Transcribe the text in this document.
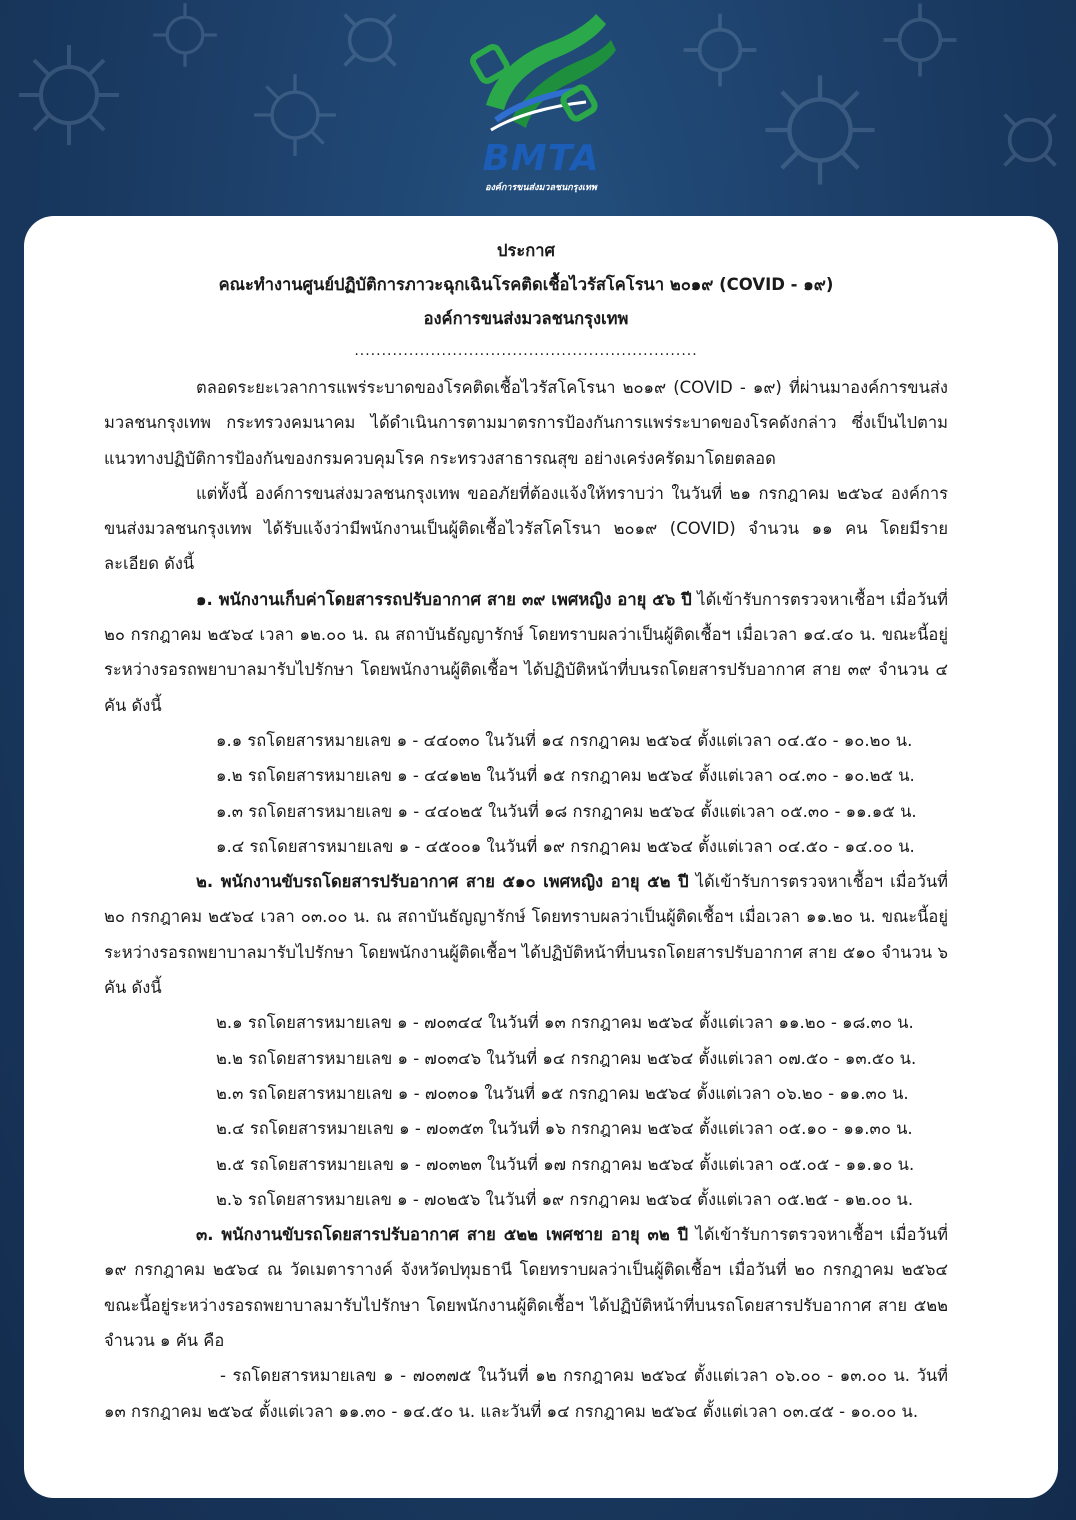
BMTA
องค์การขนส่งมวลชนกรุงเทพ
ประกาศ
คณะทำงานศูนย์ปฏิบัติการภาวะฉุกเฉินโรคติดเชื้อไวรัสโคโรนา ๒๐๑๙ (COVID - ๑๙)
องค์การขนส่งมวลชนกรุงเทพ
...............................................................
ตลอดระยะเวลาการแพร่ระบาดของโรคติดเชื้อไวรัสโคโรนา ๒๐๑๙ (COVID - ๑๙) ที่ผ่านมาองค์การขนส่งมวลชนกรุงเทพ กระทรวงคมนาคม ได้ดำเนินการตามมาตรการป้องกันการแพร่ระบาดของโรคดังกล่าว ซึ่งเป็นไปตามแนวทางปฏิบัติการป้องกันของกรมควบคุมโรค กระทรวงสาธารณสุข อย่างเคร่งครัดมาโดยตลอด
แต่ทั้งนี้ องค์การขนส่งมวลชนกรุงเทพ ขออภัยที่ต้องแจ้งให้ทราบว่า ในวันที่ ๒๑ กรกฎาคม ๒๕๖๔ องค์การขนส่งมวลชนกรุงเทพ ได้รับแจ้งว่ามีพนักงานเป็นผู้ติดเชื้อไวรัสโคโรนา ๒๐๑๙ (COVID) จำนวน ๑๑ คน โดยมีรายละเอียด ดังนี้
๑. พนักงานเก็บค่าโดยสารรถปรับอากาศ สาย ๓๙ เพศหญิง อายุ ๕๖ ปี ได้เข้ารับการตรวจหาเชื้อฯ เมื่อวันที่ ๒๐ กรกฎาคม ๒๕๖๔ เวลา ๑๒.๐๐ น. ณ สถาบันธัญญารักษ์ โดยทราบผลว่าเป็นผู้ติดเชื้อฯ เมื่อเวลา ๑๔.๔๐ น. ขณะนี้อยู่ระหว่างรอรถพยาบาลมารับไปรักษา โดยพนักงานผู้ติดเชื้อฯ ได้ปฏิบัติหน้าที่บนรถโดยสารปรับอากาศ สาย ๓๙ จำนวน ๔ คัน ดังนี้
๑.๑ รถโดยสารหมายเลข ๑ - ๔๔๐๓๐ ในวันที่ ๑๔ กรกฎาคม ๒๕๖๔ ตั้งแต่เวลา ๐๔.๕๐ - ๑๐.๒๐ น.
๑.๒ รถโดยสารหมายเลข ๑ - ๔๔๑๒๒ ในวันที่ ๑๕ กรกฎาคม ๒๕๖๔ ตั้งแต่เวลา ๐๔.๓๐ - ๑๐.๒๕ น.
๑.๓ รถโดยสารหมายเลข ๑ - ๔๔๐๒๕ ในวันที่ ๑๘ กรกฎาคม ๒๕๖๔ ตั้งแต่เวลา ๐๕.๓๐ - ๑๑.๑๕ น.
๑.๔ รถโดยสารหมายเลข ๑ - ๔๕๐๐๑ ในวันที่ ๑๙ กรกฎาคม ๒๕๖๔ ตั้งแต่เวลา ๐๔.๕๐ - ๑๔.๐๐ น.
๒. พนักงานขับรถโดยสารปรับอากาศ สาย ๕๑๐ เพศหญิง อายุ ๕๒ ปี ได้เข้ารับการตรวจหาเชื้อฯ เมื่อวันที่ ๒๐ กรกฎาคม ๒๕๖๔ เวลา ๐๓.๐๐ น. ณ สถาบันธัญญารักษ์ โดยทราบผลว่าเป็นผู้ติดเชื้อฯ เมื่อเวลา ๑๑.๒๐ น. ขณะนี้อยู่ระหว่างรอรถพยาบาลมารับไปรักษา โดยพนักงานผู้ติดเชื้อฯ ได้ปฏิบัติหน้าที่บนรถโดยสารปรับอากาศ สาย ๕๑๐ จำนวน ๖ คัน ดังนี้
๒.๑ รถโดยสารหมายเลข ๑ - ๗๐๓๔๔ ในวันที่ ๑๓ กรกฎาคม ๒๕๖๔ ตั้งแต่เวลา ๑๑.๒๐ - ๑๘.๓๐ น.
๒.๒ รถโดยสารหมายเลข ๑ - ๗๐๓๔๖ ในวันที่ ๑๔ กรกฎาคม ๒๕๖๔ ตั้งแต่เวลา ๐๗.๕๐ - ๑๓.๕๐ น.
๒.๓ รถโดยสารหมายเลข ๑ - ๗๐๓๐๑ ในวันที่ ๑๕ กรกฎาคม ๒๕๖๔ ตั้งแต่เวลา ๐๖.๒๐ - ๑๑.๓๐ น.
๒.๔ รถโดยสารหมายเลข ๑ - ๗๐๓๕๓ ในวันที่ ๑๖ กรกฎาคม ๒๕๖๔ ตั้งแต่เวลา ๐๕.๑๐ - ๑๑.๓๐ น.
๒.๕ รถโดยสารหมายเลข ๑ - ๗๐๓๒๓ ในวันที่ ๑๗ กรกฎาคม ๒๕๖๔ ตั้งแต่เวลา ๐๕.๐๕ - ๑๑.๑๐ น.
๒.๖ รถโดยสารหมายเลข ๑ - ๗๐๒๕๖ ในวันที่ ๑๙ กรกฎาคม ๒๕๖๔ ตั้งแต่เวลา ๐๕.๒๕ - ๑๒.๐๐ น.
๓. พนักงานขับรถโดยสารปรับอากาศ สาย ๕๒๒ เพศชาย อายุ ๓๒ ปี ได้เข้ารับการตรวจหาเชื้อฯ เมื่อวันที่ ๑๙ กรกฎาคม ๒๕๖๔ ณ วัดเมตาราางค์ จังหวัดปทุมธานี โดยทราบผลว่าเป็นผู้ติดเชื้อฯ เมื่อวันที่ ๒๐ กรกฎาคม ๒๕๖๔ ขณะนี้อยู่ระหว่างรอรถพยาบาลมารับไปรักษา โดยพนักงานผู้ติดเชื้อฯ ได้ปฏิบัติหน้าที่บนรถโดยสารปรับอากาศ สาย ๕๒๒ จำนวน ๑ คัน คือ
- รถโดยสารหมายเลข ๑ - ๗๐๓๗๕ ในวันที่ ๑๒ กรกฎาคม ๒๕๖๔ ตั้งแต่เวลา ๐๖.๐๐ - ๑๓.๐๐ น. วันที่ ๑๓ กรกฎาคม ๒๕๖๔ ตั้งแต่เวลา ๑๑.๓๐ - ๑๔.๕๐ น. และวันที่ ๑๔ กรกฎาคม ๒๕๖๔ ตั้งแต่เวลา ๐๓.๔๕ - ๑๐.๐๐ น.
